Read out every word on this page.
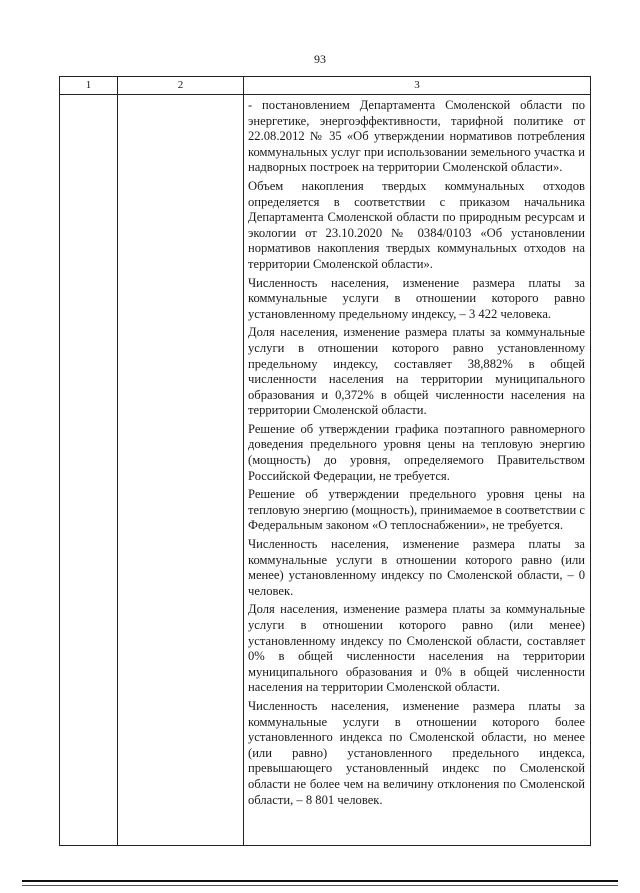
93
1	2	3

- постановлением Департамента Смоленской области по энергетике, энергоэффективности, тарифной политике от 22.08.2012 № 35 «Об утверждении нормативов потребления коммунальных услуг при использовании земельного участка и надворных построек на территории Смоленской области».

Объем накопления твердых коммунальных отходов определяется в соответствии с приказом начальника Департамента Смоленской области по природным ресурсам и экологии от 23.10.2020 № 0384/0103 «Об установлении нормативов накопления твердых коммунальных отходов на территории Смоленской области».

Численность населения, изменение размера платы за коммунальные услуги в отношении которого равно установленному предельному индексу, – 3 422 человека.

Доля населения, изменение размера платы за коммунальные услуги в отношении которого равно установленному предельному индексу, составляет 38,882% в общей численности населения на территории муниципального образования и 0,372% в общей численности населения на территории Смоленской области.

Решение об утверждении графика поэтапного равномерного доведения предельного уровня цены на тепловую энергию (мощность) до уровня, определяемого Правительством Российской Федерации, не требуется.

Решение об утверждении предельного уровня цены на тепловую энергию (мощность), принимаемое в соответствии с Федеральным законом «О теплоснабжении», не требуется.

Численность населения, изменение размера платы за коммунальные услуги в отношении которого равно (или менее) установленному индексу по Смоленской области, – 0 человек.

Доля населения, изменение размера платы за коммунальные услуги в отношении которого равно (или менее) установленному индексу по Смоленской области, составляет 0% в общей численности населения на территории муниципального образования и 0% в общей численности населения на территории Смоленской области.

Численность населения, изменение размера платы за коммунальные услуги в отношении которого более установленного индекса по Смоленской области, но менее (или равно) установленного предельного индекса, превышающего установленный индекс по Смоленской области не более чем на величину отклонения по Смоленской области, – 8 801 человек.
